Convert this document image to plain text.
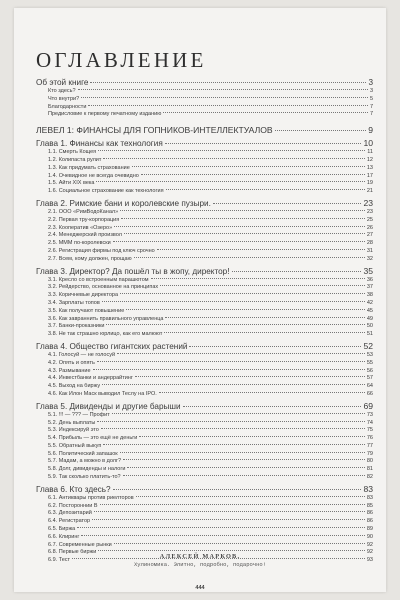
ОГЛАВЛЕНИЕ
Об этой книге	3
Кто здесь?	3
Что внутри?	5
Благодарности	7
Предисловие к первому печатному изданию	7
ЛЕВЕЛ 1: ФИНАНСЫ ДЛЯ ГОПНИКОВ-ИНТЕЛЛЕКТУАЛОВ	9
Глава 1. Финансы как технология	10
1.1. Смерть Кощея	11
1.2. Колипаста рулит	12
1.3. Как придумать страхование	13
1.4. Очевидное не всегда очевидно	17
1.5. Айти XIX века	19
1.6. Социальное страхование как технология	21
Глава 2. Римские бани и королевские пузыри.	23
2.1. ООО «РимВодоКанал»	23
2.2. Первая тру-корпорация	25
2.3. Кооператив «Озеро»	26
2.4. Менеджерский произвол	27
2.5. МММ по-королевски	28
2.6. Регистрация фирмы под ключ срочно	31
2.7. Всем, кому должен, прощаю	32
Глава 3. Директор? Да пошёл ты в жопу, директор!	35
3.1. Кресло со встроенным парашютом	36
3.2. Рейдерство, основанное на принципах	37
3.3. Коричневые директора	38
3.4. Зарплаты топов	42
3.5. Как получают повышение	45
3.6. Как завраннить правильного управленца	49
3.7. Банки-проказники	50
3.8. Не так страшно юрлицо, как его малюют	51
Глава 4. Общество гигантских растений	52
4.1. Голосуй — не голосуй	53
4.2. Опять и опять	55
4.3. Размывание	56
4.4. Инвестбанки и андеррайтинг	57
4.5. Выход на биржу	64
4.6. Как Илон Маск выводил Теслу на IPO.	66
Глава 5. Дивиденды и другие барыши	69
5.1. !!! — ??? — Профит	73
5.2. День выплаты	74
5.3. Индексируй это	75
5.4. Прибыль — это ещё не деньги	76
5.5. Обратный выкуп	77
5.6. Политический запашок	79
5.7. Мадам, а можно в долг?	80
5.8. Долг, дивиденды и налоги	81
5.9. Так сколько платить-то?	82
Глава 6. Кто здесь?	83
6.1. Антиквары против риелторов	83
6.2. Постороннии В	85
6.3. Депозитарий	86
6.4. Регистратор	86
6.5. Биржа	89
6.6. Клиринг	90
6.7. Современные рынки	92
6.8. Первые биржи	92
6.9. Тест	93
АЛЕКСЕЙ МАРКОВ.
Хулиномика. Элитно, подробно, подарочно!
444
